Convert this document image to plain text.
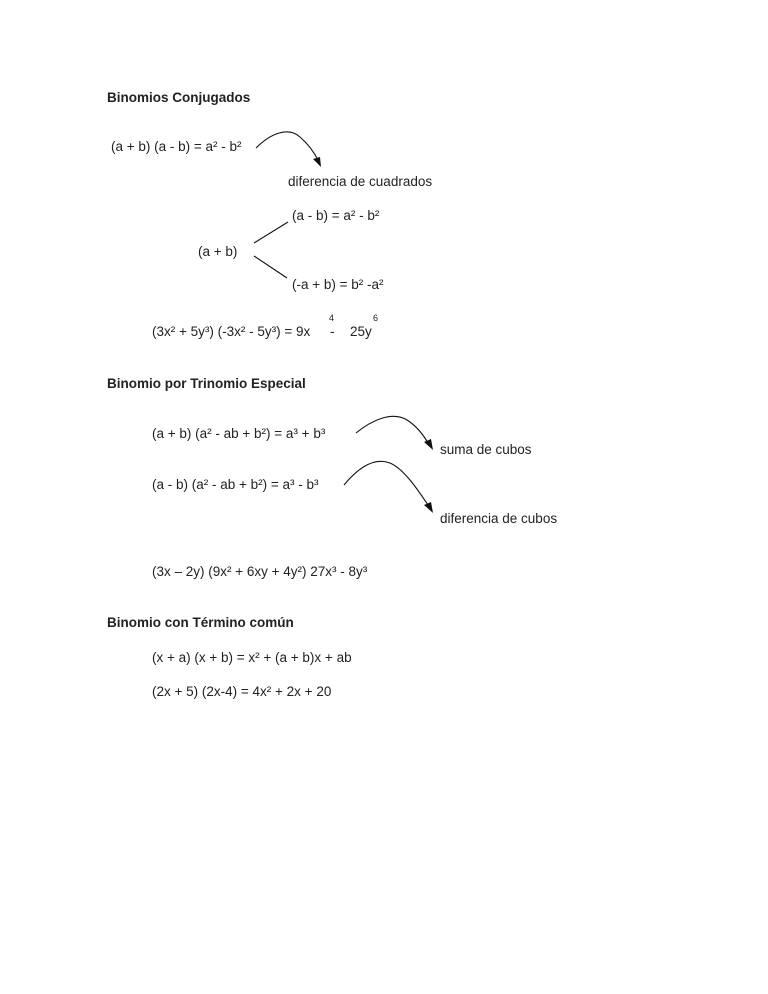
Binomios Conjugados
(a + b) (a - b) = a² - b²
diferencia de cuadrados
(a + b)
(a - b) = a² - b²
(-a + b) = b² -a²
(3x² + 5y³) (-3x² - 5y³) = 9x - 25y
4	6
Binomio por Trinomio Especial
(a + b) (a² - ab + b²) = a³ + b³
suma de cubos
(a - b) (a² - ab + b²) = a³ - b³
diferencia de cubos
(3x – 2y) (9x² + 6xy + 4y²) 27x³ - 8y³
Binomio con Término común
(x + a) (x + b) = x² + (a + b)x + ab
(2x + 5) (2x-4) = 4x² + 2x + 20
